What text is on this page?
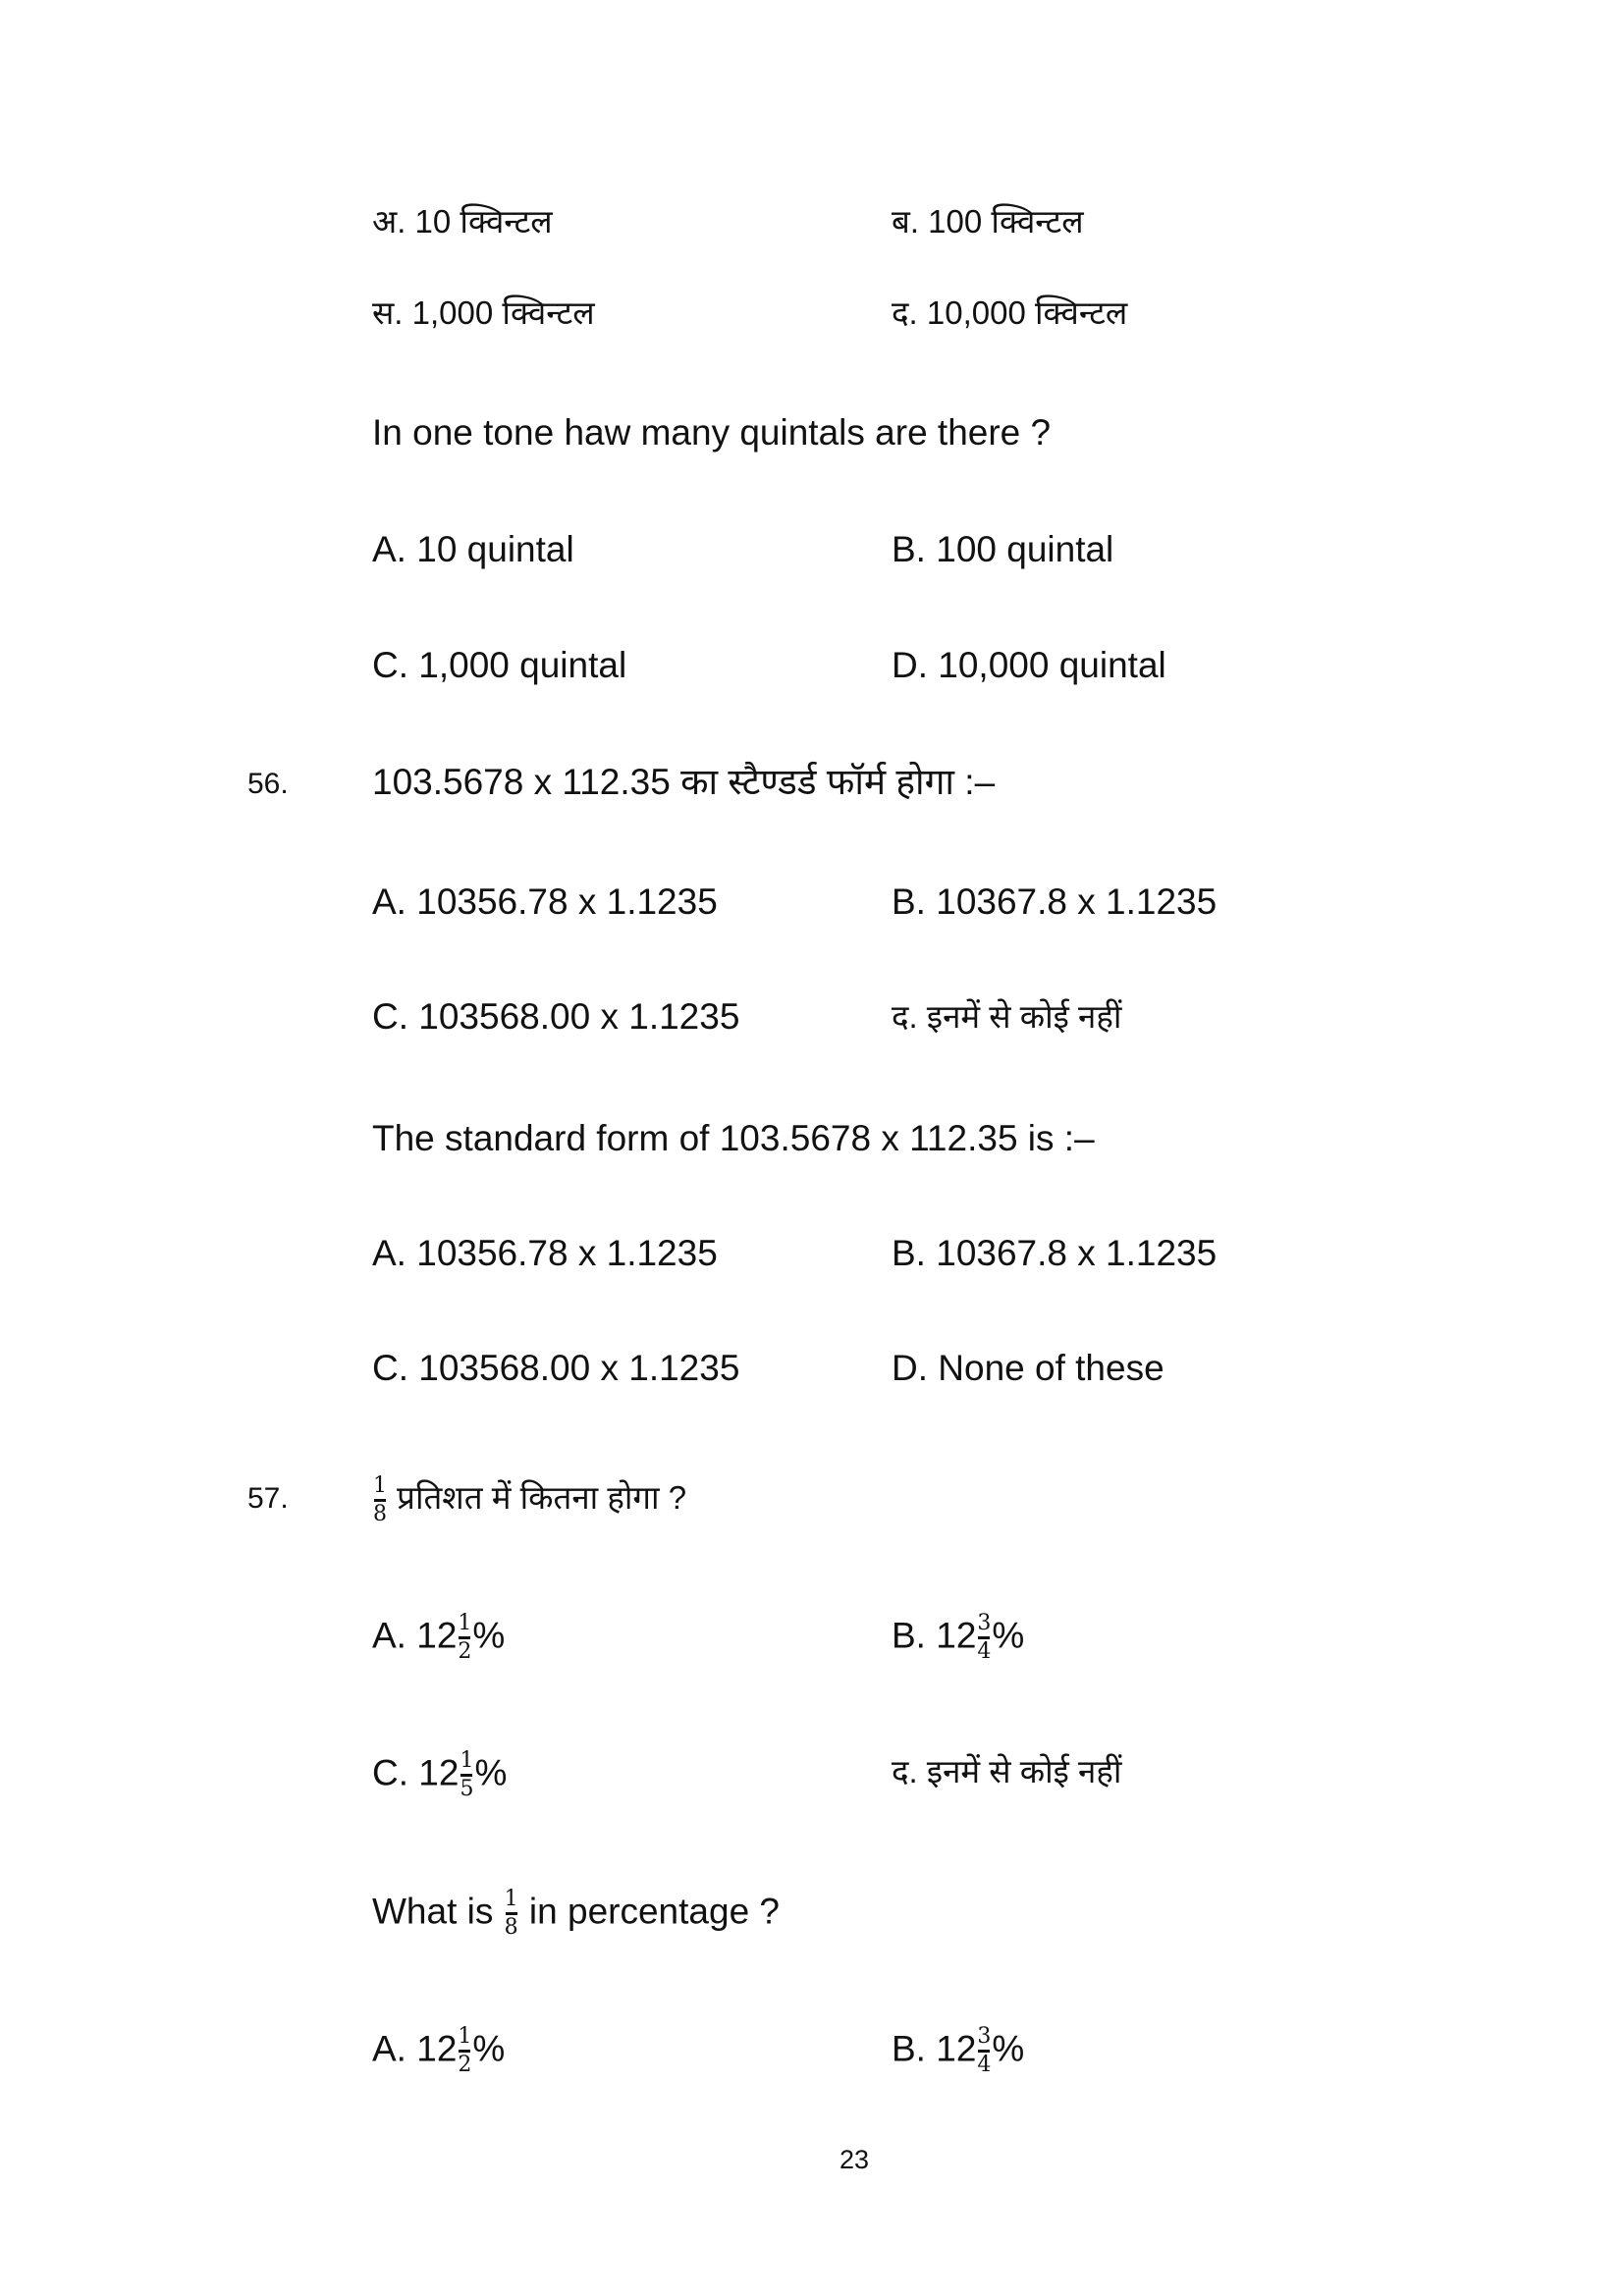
अ. 10 क्विन्टल	ब. 100 क्विन्टल
स. 1,000 क्विन्टल	द. 10,000 क्विन्टल
In one tone haw many quintals are there ?
A. 10 quintal	B. 100 quintal
C. 1,000 quintal	D. 10,000 quintal
56. 103.5678 x 112.35 का स्टैण्डर्ड फॉर्म होगा :–
A. 10356.78 x 1.1235	B. 10367.8 x 1.1235
C. 103568.00 x 1.1235	द. इनमें से कोई नहीं
The standard form of 103.5678 x 112.35 is :–
A. 10356.78 x 1.1235	B. 10367.8 x 1.1235
C. 103568.00 x 1.1235	D. None of these
57.	$\frac{1}{8}$ प्रतिशत में कितना होगा ?
A. $12 \frac{1}{2}$ %	B. $12 \frac{3}{4}$ %
C. $12 \frac{1}{5}$ %	द. इनमें से कोई नहीं
What is $\frac{1}{8}$ in percentage ?
A. $12 \frac{1}{2}$ %	B. $12 \frac{3}{4}$ %
23
